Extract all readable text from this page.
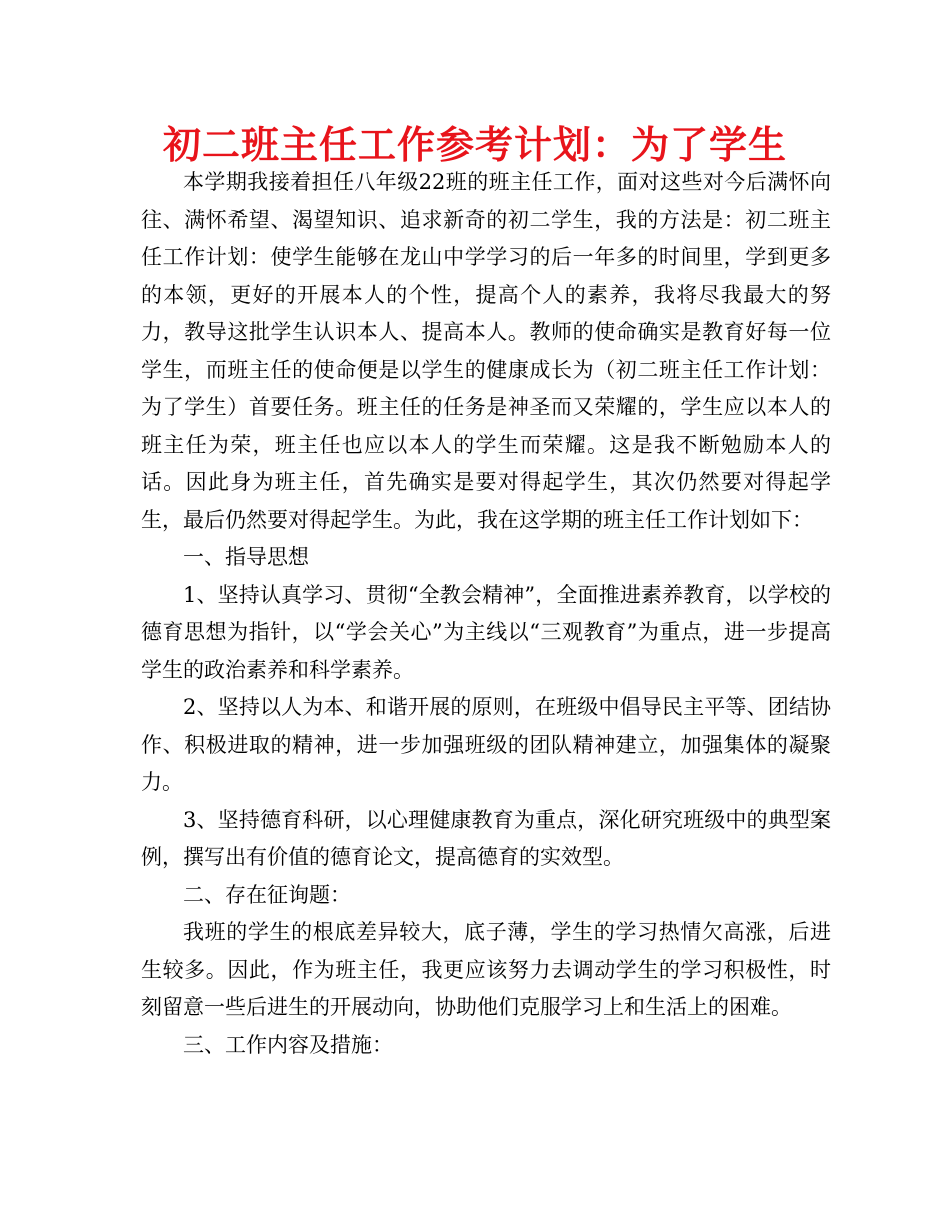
初二班主任工作参考计划：为了学生

本学期我接着担任八年级22班的班主任工作，面对这些对今后满怀向往、满怀希望、渴望知识、追求新奇的初二学生，我的方法是：初二班主任工作计划：使学生能够在龙山中学学习的后一年多的时间里，学到更多的本领，更好的开展本人的个性，提高个人的素养，我将尽我最大的努力，教导这批学生认识本人、提高本人。教师的使命确实是教育好每一位学生，而班主任的使命便是以学生的健康成长为（初二班主任工作计划：为了学生）首要任务。班主任的任务是神圣而又荣耀的，学生应以本人的班主任为荣，班主任也应以本人的学生而荣耀。这是我不断勉励本人的话。因此身为班主任，首先确实是要对得起学生，其次仍然要对得起学生，最后仍然要对得起学生。为此，我在这学期的班主任工作计划如下：

一、指导思想

1、坚持认真学习、贯彻“全教会精神”，全面推进素养教育，以学校的德育思想为指针，以“学会关心”为主线以“三观教育”为重点，进一步提高学生的政治素养和科学素养。

2、坚持以人为本、和谐开展的原则，在班级中倡导民主平等、团结协作、积极进取的精神，进一步加强班级的团队精神建立，加强集体的凝聚力。

3、坚持德育科研，以心理健康教育为重点，深化研究班级中的典型案例，撰写出有价值的德育论文，提高德育的实效型。

二、存在征询题：

我班的学生的根底差异较大，底子薄，学生的学习热情欠高涨，后进生较多。因此，作为班主任，我更应该努力去调动学生的学习积极性，时刻留意一些后进生的开展动向，协助他们克服学习上和生活上的困难。

三、工作内容及措施：
